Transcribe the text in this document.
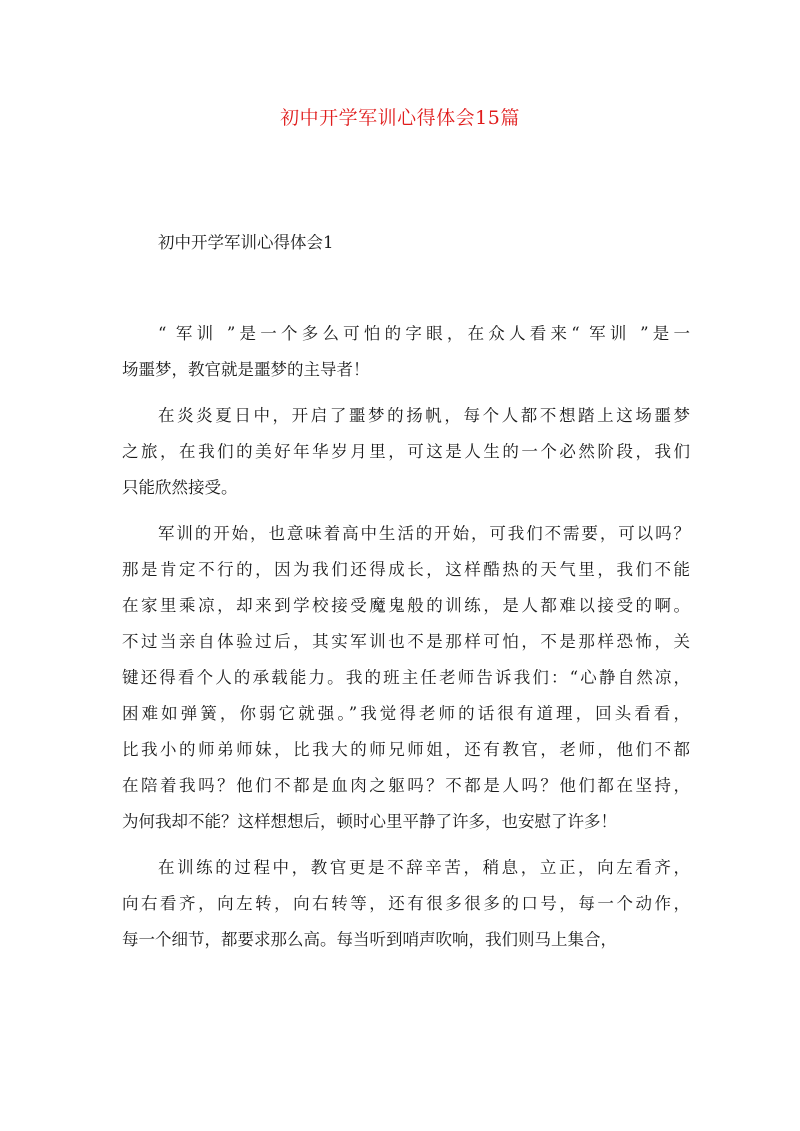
初中开学军训心得体会15篇
初中开学军训心得体会1
“ 军训 ”是一个多么可怕的字眼，在众人看来“ 军训 ”是一
场噩梦，教官就是噩梦的主导者！
在炎炎夏日中，开启了噩梦的扬帆，每个人都不想踏上这场噩梦
之旅，在我们的美好年华岁月里，可这是人生的一个必然阶段，我们
只能欣然接受。
军训的开始，也意味着高中生活的开始，可我们不需要，可以吗？
那是肯定不行的，因为我们还得成长，这样酷热的天气里，我们不能
在家里乘凉，却来到学校接受魔鬼般的训练，是人都难以接受的啊。
不过当亲自体验过后，其实军训也不是那样可怕，不是那样恐怖，关
键还得看个人的承载能力。我的班主任老师告诉我们：“心静自然凉，
困难如弹簧，你弱它就强。”我觉得老师的话很有道理，回头看看，
比我小的师弟师妹，比我大的师兄师姐，还有教官，老师，他们不都
在陪着我吗？他们不都是血肉之躯吗？不都是人吗？他们都在坚持，
为何我却不能？这样想想后，顿时心里平静了许多，也安慰了许多！
在训练的过程中，教官更是不辞辛苦，稍息，立正，向左看齐，
向右看齐，向左转，向右转等，还有很多很多的口号，每一个动作，
每一个细节，都要求那么高。每当听到哨声吹响，我们则马上集合，
